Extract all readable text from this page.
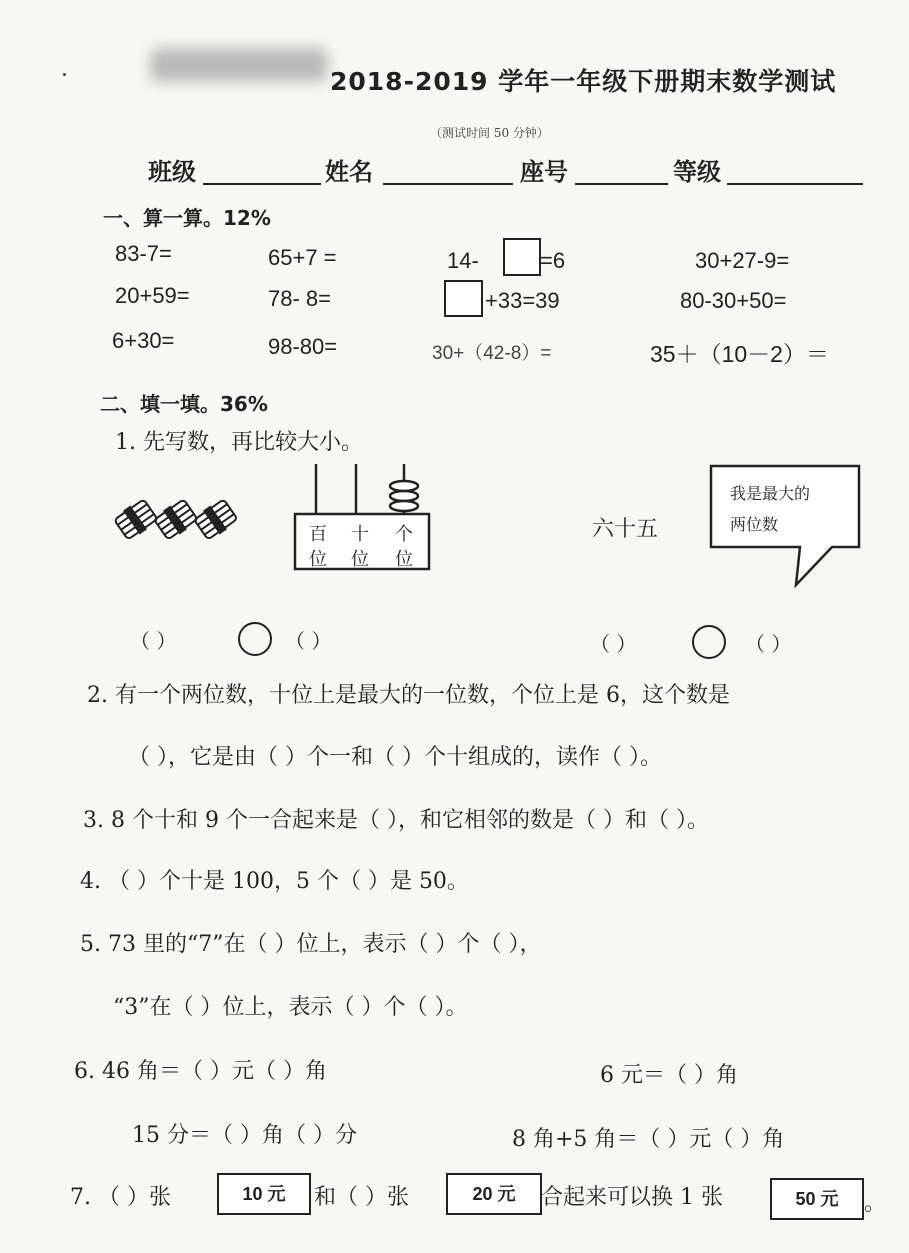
2018-2019 学年一年级下册期末数学测试
（测试时间 50 分钟）
班级	姓名	座号	等级
一、算一算。12%
83-7=	65+7 =	14-	=6	30+27-9=
20+59=	78- 8=	+33=39	80-30+50=
6+30=	98-80=	30+（42-8）=	35＋（10－2）＝
二、填一填。36%
1. 先写数，再比较大小。
百 十 个
位 位 位
六十五
我是最大的
两位数
（ ）	（ ）	（ ）	（ ）
2. 有一个两位数，十位上是最大的一位数，个位上是 6，这个数是
（ ），它是由（ ）个一和（ ）个十组成的，读作（ ）。
3. 8 个十和 9 个一合起来是（ ），和它相邻的数是（ ）和（ ）。
4. （ ）个十是 100，5 个（ ）是 50。
5. 73 里的“7”在（ ）位上，表示（ ）个（ ），
“3”在（ ）位上，表示（ ）个（ ）。
6. 46 角＝（ ）元（ ）角	6 元＝（ ）角
15 分＝（ ）角（ ）分	8 角+5 角＝（ ）元（ ）角
7. （ ）张	10 元	和（ ）张	20 元	合起来可以换 1 张	50 元	。
